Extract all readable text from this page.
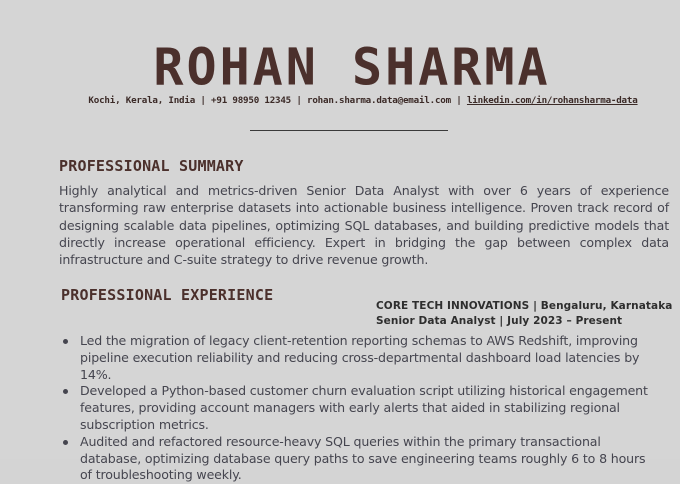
ROHAN SHARMA
Kochi, Kerala, India | +91 98950 12345 | rohan.sharma.data@email.com | linkedin.com/in/rohansharma-data
PROFESSIONAL SUMMARY
Highly analytical and metrics-driven Senior Data Analyst with over 6 years of experience transforming raw enterprise datasets into actionable business intelligence. Proven track record of designing scalable data pipelines, optimizing SQL databases, and building predictive models that directly increase operational efficiency. Expert in bridging the gap between complex data infrastructure and C-suite strategy to drive revenue growth.
PROFESSIONAL EXPERIENCE
CORE TECH INNOVATIONS | Bengaluru, Karnataka
Senior Data Analyst | July 2023 – Present
Led the migration of legacy client-retention reporting schemas to AWS Redshift, improving pipeline execution reliability and reducing cross-departmental dashboard load latencies by 14%.
Developed a Python-based customer churn evaluation script utilizing historical engagement features, providing account managers with early alerts that aided in stabilizing regional subscription metrics.
Audited and refactored resource-heavy SQL queries within the primary transactional database, optimizing database query paths to save engineering teams roughly 6 to 8 hours of troubleshooting weekly.
